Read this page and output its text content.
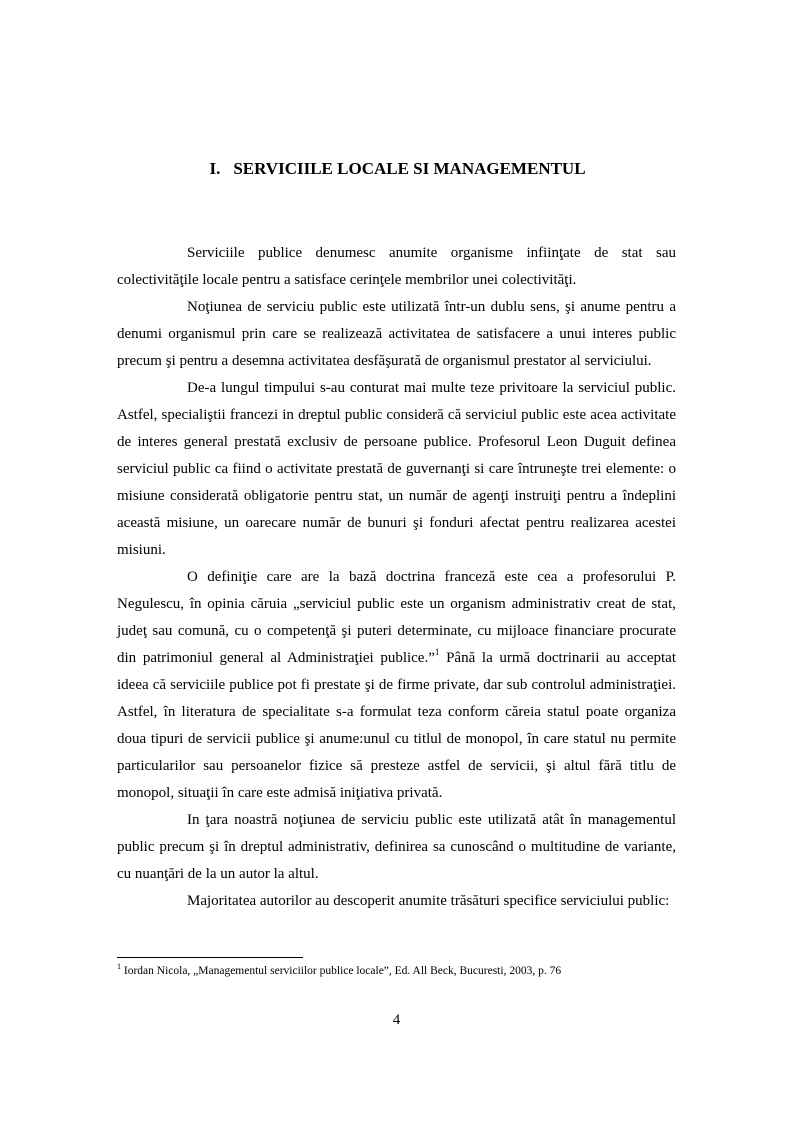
I. SERVICIILE LOCALE SI MANAGEMENTUL

Serviciile publice denumesc anumite organisme infiinţate de stat sau colectivităţile locale pentru a satisface cerinţele membrilor unei colectivităţi.

Noţiunea de serviciu public este utilizată într-un dublu sens, şi anume pentru a denumi organismul prin care se realizează activitatea de satisfacere a unui interes public precum şi pentru a desemna activitatea desfăşurată de organismul prestator al serviciului.

De-a lungul timpului s-au conturat mai multe teze privitoare la serviciul public. Astfel, specialiştii francezi in dreptul public consideră că serviciul public este acea activitate de interes general prestată exclusiv de persoane publice. Profesorul Leon Duguit definea serviciul public ca fiind o activitate prestată de guvernanţi si care întruneşte trei elemente: o misiune considerată obligatorie pentru stat, un număr de agenţi instruiţi pentru a îndeplini această misiune, un oarecare număr de bunuri şi fonduri afectat pentru realizarea acestei misiuni.

O definiţie care are la bază doctrina franceză este cea a profesorului P. Negulescu, în opinia căruia „serviciul public este un organism administrativ creat de stat, judeţ sau comună, cu o competenţă şi puteri determinate, cu mijloace financiare procurate din patrimoniul general al Administraţiei publice.”$^1$ Până la urmă doctrinarii au acceptat ideea că serviciile publice pot fi prestate şi de firme private, dar sub controlul administraţiei. Astfel, în literatura de specialitate s-a formulat teza conform căreia statul poate organiza doua tipuri de servicii publice şi anume:unul cu titlul de monopol, în care statul nu permite particularilor sau persoanelor fizice să presteze astfel de servicii, şi altul fără titlu de monopol, situaţii în care este admisă iniţiativa privată.

In ţara noastră noţiunea de serviciu public este utilizată atât în managementul public precum şi în dreptul administrativ, definirea sa cunoscând o multitudine de variante, cu nuanţări de la un autor la altul.

Majoritatea autorilor au descoperit anumite trăsături specifice serviciului public:

$^1$ Iordan Nicola, „Managementul serviciilor publice locale”, Ed. All Beck, Bucuresti, 2003, p. 76
4
